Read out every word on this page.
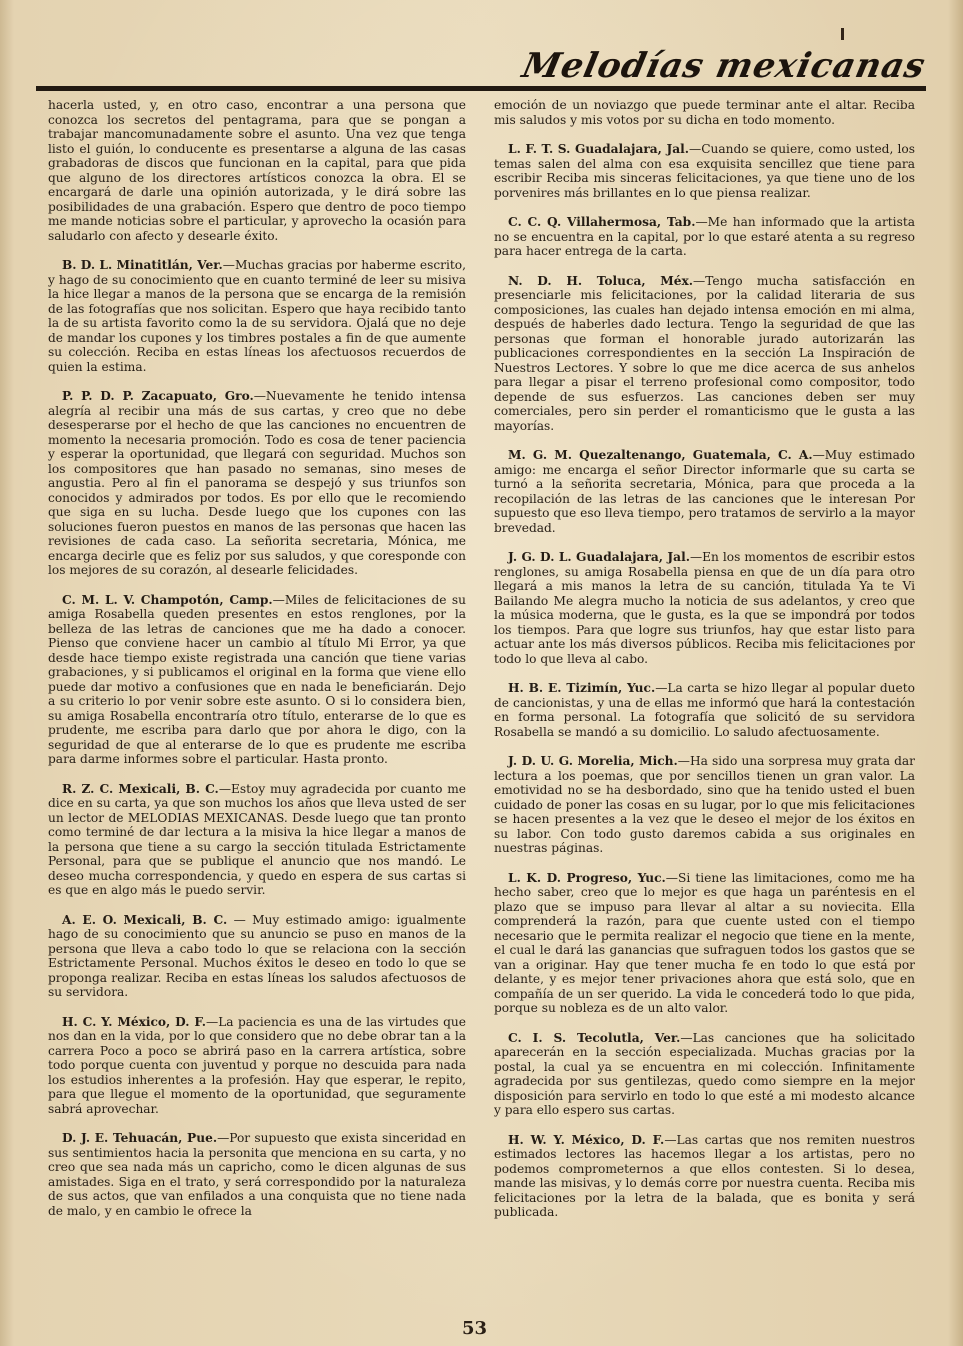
Melodías mexicanas

hacerla usted, y, en otro caso, encontrar a una persona que conozca los secretos del pentagrama, para que se pongan a trabajar mancomunadamente sobre el asunto. Una vez que tenga listo el guión, lo conducente es presentarse a alguna de las casas grabadoras de discos que funcionan en la capital, para que pida que alguno de los directores artísticos conozca la obra. El se encargará de darle una opinión autorizada, y le dirá sobre las posibilidades de una grabación. Espero que dentro de poco tiempo me mande noticias sobre el particular, y aprovecho la ocasión para saludarlo con afecto y desearle éxito.

B. D. L. Minatitlán, Ver.—Muchas gracias por haberme escrito, y hago de su conocimiento que en cuanto terminé de leer su misiva la hice llegar a manos de la persona que se encarga de la remisión de las fotografías que nos solicitan. Espero que haya recibido tanto la de su artista favorito como la de su servidora. Ojalá que no deje de mandar los cupones y los timbres postales a fin de que aumente su colección. Reciba en estas líneas los afectuosos recuerdos de quien la estima.

P. P. D. P. Zacapuato, Gro.—Nuevamente he tenido intensa alegría al recibir una más de sus cartas, y creo que no debe desesperarse por el hecho de que las canciones no encuentren de momento la necesaria promoción. Todo es cosa de tener paciencia y esperar la oportunidad, que llegará con seguridad. Muchos son los compositores que han pasado no semanas, sino meses de angustia. Pero al fin el panorama se despejó y sus triunfos son conocidos y admirados por todos. Es por ello que le recomiendo que siga en su lucha. Desde luego que los cupones con las soluciones fueron puestos en manos de las personas que hacen las revisiones de cada caso. La señorita secretaria, Mónica, me encarga decirle que es feliz por sus saludos, y que coresponde con los mejores de su corazón, al desearle felicidades.

C. M. L. V. Champotón, Camp.—Miles de felicitaciones de su amiga Rosabella queden presentes en estos renglones, por la belleza de las letras de canciones que me ha dado a conocer. Pienso que conviene hacer un cambio al título Mi Error, ya que desde hace tiempo existe registrada una canción que tiene varias grabaciones, y si publicamos el original en la forma que viene ello puede dar motivo a confusiones que en nada le beneficiarán. Dejo a su criterio lo por venir sobre este asunto. O si lo considera bien, su amiga Rosabella encontraría otro título, enterarse de lo que es prudente, me escriba para darlo que por ahora le digo, con la seguridad de que al enterarse de lo que es prudente me escriba para darme informes sobre el particular. Hasta pronto.

R. Z. C. Mexicali, B. C.—Estoy muy agradecida por cuanto me dice en su carta, ya que son muchos los años que lleva usted de ser un lector de MELODIAS MEXICANAS. Desde luego que tan pronto como terminé de dar lectura a la misiva la hice llegar a manos de la persona que tiene a su cargo la sección titulada Estrictamente Personal, para que se publique el anuncio que nos mandó. Le deseo mucha correspondencia, y quedo en espera de sus cartas si es que en algo más le puedo servir.

A. E. O. Mexicali, B. C. — Muy estimado amigo: igualmente hago de su conocimiento que su anuncio se puso en manos de la persona que lleva a cabo todo lo que se relaciona con la sección Estrictamente Personal. Muchos éxitos le deseo en todo lo que se proponga realizar. Reciba en estas líneas los saludos afectuosos de su servidora.

H. C. Y. México, D. F.—La paciencia es una de las virtudes que nos dan en la vida, por lo que considero que no debe obrar tan a la carrera Poco a poco se abrirá paso en la carrera artística, sobre todo porque cuenta con juventud y porque no descuida para nada los estudios inherentes a la profesión. Hay que esperar, le repito, para que llegue el momento de la oportunidad, que seguramente sabrá aprovechar.

D. J. E. Tehuacán, Pue.—Por supuesto que exista sinceridad en sus sentimientos hacia la personita que menciona en su carta, y no creo que sea nada más un capricho, como le dicen algunas de sus amistades. Siga en el trato, y será correspondido por la naturaleza de sus actos, que van enfilados a una conquista que no tiene nada de malo, y en cambio le ofrece la

emoción de un noviazgo que puede terminar ante el altar. Reciba mis saludos y mis votos por su dicha en todo momento.

L. F. T. S. Guadalajara, Jal.—Cuando se quiere, como usted, los temas salen del alma con esa exquisita sencillez que tiene para escribir Reciba mis sinceras felicitaciones, ya que tiene uno de los porvenires más brillantes en lo que piensa realizar.

C. C. Q. Villahermosa, Tab.—Me han informado que la artista no se encuentra en la capital, por lo que estaré atenta a su regreso para hacer entrega de la carta.

N. D. H. Toluca, Méx.—Tengo mucha satisfacción en presenciarle mis felicitaciones, por la calidad literaria de sus composiciones, las cuales han dejado intensa emoción en mi alma, después de haberles dado lectura. Tengo la seguridad de que las personas que forman el honorable jurado autorizarán las publicaciones correspondientes en la sección La Inspiración de Nuestros Lectores. Y sobre lo que me dice acerca de sus anhelos para llegar a pisar el terreno profesional como compositor, todo depende de sus esfuerzos. Las canciones deben ser muy comerciales, pero sin perder el romanticismo que le gusta a las mayorías.

M. G. M. Quezaltenango, Guatemala, C. A.—Muy estimado amigo: me encarga el señor Director informarle que su carta se turnó a la señorita secretaria, Mónica, para que proceda a la recopilación de las letras de las canciones que le interesan Por supuesto que eso lleva tiempo, pero tratamos de servirlo a la mayor brevedad.

J. G. D. L. Guadalajara, Jal.—En los momentos de escribir estos renglones, su amiga Rosabella piensa en que de un día para otro llegará a mis manos la letra de su canción, titulada Ya te Vi Bailando Me alegra mucho la noticia de sus adelantos, y creo que la música moderna, que le gusta, es la que se impondrá por todos los tiempos. Para que logre sus triunfos, hay que estar listo para actuar ante los más diversos públicos. Reciba mis felicitaciones por todo lo que lleva al cabo.

H. B. E. Tizimín, Yuc.—La carta se hizo llegar al popular dueto de cancionistas, y una de ellas me informó que hará la contestación en forma personal. La fotografía que solicitó de su servidora Rosabella se mandó a su domicilio. Lo saludo afectuosamente.

J. D. U. G. Morelia, Mich.—Ha sido una sorpresa muy grata dar lectura a los poemas, que por sencillos tienen un gran valor. La emotividad no se ha desbordado, sino que ha tenido usted el buen cuidado de poner las cosas en su lugar, por lo que mis felicitaciones se hacen presentes a la vez que le deseo el mejor de los éxitos en su labor. Con todo gusto daremos cabida a sus originales en nuestras páginas.

L. K. D. Progreso, Yuc.—Si tiene las limitaciones, como me ha hecho saber, creo que lo mejor es que haga un paréntesis en el plazo que se impuso para llevar al altar a su noviecita. Ella comprenderá la razón, para que cuente usted con el tiempo necesario que le permita realizar el negocio que tiene en la mente, el cual le dará las ganancias que sufraguen todos los gastos que se van a originar. Hay que tener mucha fe en todo lo que está por delante, y es mejor tener privaciones ahora que está solo, que en compañía de un ser querido. La vida le concederá todo lo que pida, porque su nobleza es de un alto valor.

C. I. S. Tecolutla, Ver.—Las canciones que ha solicitado aparecerán en la sección especializada. Muchas gracias por la postal, la cual ya se encuentra en mi colección. Infinitamente agradecida por sus gentilezas, quedo como siempre en la mejor disposición para servirlo en todo lo que esté a mi modesto alcance y para ello espero sus cartas.

H. W. Y. México, D. F.—Las cartas que nos remiten nuestros estimados lectores las hacemos llegar a los artistas, pero no podemos comprometernos a que ellos contesten. Si lo desea, mande las misivas, y lo demás corre por nuestra cuenta. Reciba mis felicitaciones por la letra de la balada, que es bonita y será publicada.

53
